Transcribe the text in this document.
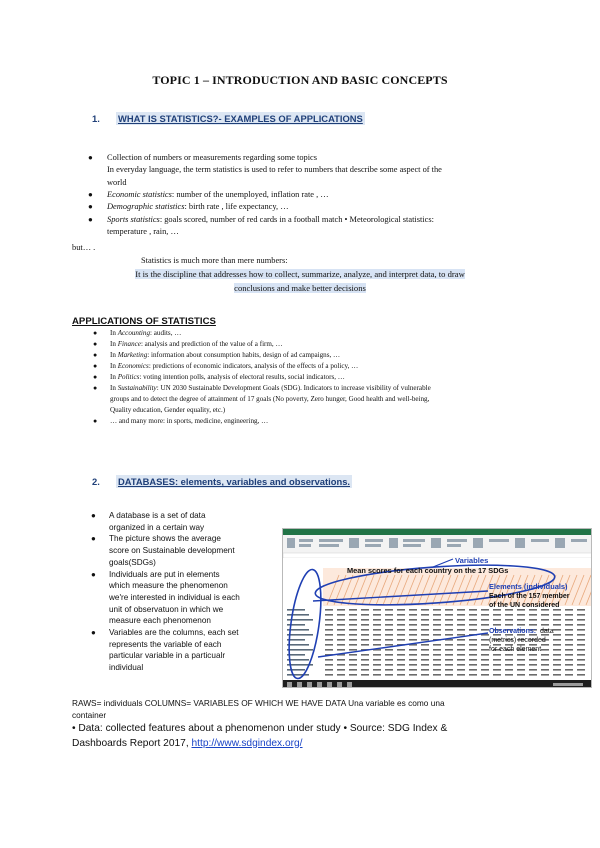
TOPIC 1 – INTRODUCTION AND BASIC CONCEPTS
1. WHAT IS STATISTICS?- EXAMPLES OF APPLICATIONS
● Collection of numbers or measurements regarding some topics
In everyday language, the term statistics is used to refer to numbers that describe some aspect of the
world
● Economic statistics: number of the unemployed, inflation rate , …
● Demographic statistics: birth rate , life expectancy, …
● Sports statistics: goals scored, number of red cards in a football match • Meteorological statistics:
temperature , rain, …
but… .
Statistics is much more than mere numbers:
It is the discipline that addresses how to collect, summarize, analyze, and interpret data, to draw
conclusions and make better decisions
APPLICATIONS OF STATISTICS
● In Accounting: audits, …
● In Finance: analysis and prediction of the value of a firm, …
● In Marketing: information about consumption habits, design of ad campaigns, …
● In Economics: predictions of economic indicators, analysis of the effects of a policy, …
● In Politics: voting intention polls, analysis of electoral results, social indicators, …
● In Sustainability: UN 2030 Sustainable Development Goals (SDG). Indicators to increase visibility of vulnerable
groups and to detect the degree of attainment of 17 goals (No poverty, Zero hunger, Good health and well-being,
Quality education, Gender equality, etc.)
● … and many more: in sports, medicine, engineering, …
2. DATABASES: elements, variables and observations.
● A database is a set of data
organized in a certain way
● The picture shows the average
score on Sustainable development
goals(SDGs)
● Individuals are put in elements
which measure the phenomenon
we're interested in individual is each
unit of observatuon in which we
measure each phenomenon
● Variables are the columns, each set
represents the variable of each
particular variable in a particualr
individual
Variables
Mean scores for each country on the 17 SDGs
Elements (individuals)
Each of the 157 member
of the UN considered
Observations: data
(metrics) recorded
for each element
RAWS= individuals COLUMNS= VARIABLES OF WHICH WE HAVE DATA Una variable es como una
container
• Data: collected features about a phenomenon under study • Source: SDG Index &
Dashboards Report 2017, http://www.sdgindex.org/
